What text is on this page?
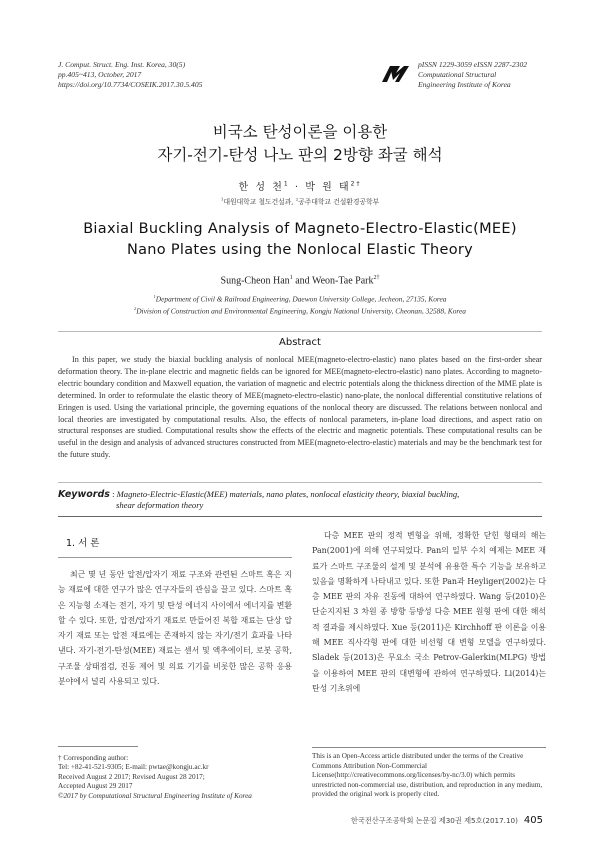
J. Comput. Struct. Eng. Inst. Korea, 30(5)
pp.405~413, October, 2017
https://doi.org/10.7734/COSEIK.2017.30.5.405
pISSN 1229-3059 eISSN 2287-2302
Computational Structural
Engineering Institute of Korea
비국소 탄성이론을 이용한
자기-전기-탄성 나노 판의 2방향 좌굴 해석
한 성 천$^1$ · 박 원 태$^{2\dagger}$
$^1$대원대학교 철도건설과, $^2$공주대학교 건설환경공학부
Biaxial Buckling Analysis of Magneto-Electro-Elastic(MEE)
Nano Plates using the Nonlocal Elastic Theory
Sung-Cheon Han$^1$ and Weon-Tae Park$^{2\dagger}$
$^1$Department of Civil & Railroad Engineering, Daewon University College, Jecheon, 27135, Korea
$^2$Division of Construction and Environmental Engineering, Kongju National University, Cheonan, 32588, Korea
Abstract
In this paper, we study the biaxial buckling analysis of nonlocal MEE(magneto-electro-elastic) nano plates based on the first-order shear deformation theory. The in-plane electric and magnetic fields can be ignored for MEE(magneto-electro-elastic) nano plates. According to magneto-electric boundary condition and Maxwell equation, the variation of magnetic and electric potentials along the thickness direction of the MME plate is determined. In order to reformulate the elastic theory of MEE(magneto-electro-elastic) nano-plate, the nonlocal differential constitutive relations of Eringen is used. Using the variational principle, the governing equations of the nonlocal theory are discussed. The relations between nonlocal and local theories are investigated by computational results. Also, the effects of nonlocal parameters, in-plane load directions, and aspect ratio on structural responses are studied. Computational results show the effects of the electric and magnetic potentials. These computational results can be useful in the design and analysis of advanced structures constructed from MEE(magneto-electro-elastic) materials and may be the benchmark test for the future study.
Keywords : Magneto-Electric-Elastic(MEE) materials, nano plates, nonlocal elasticity theory, biaxial buckling,
shear deformation theory
1. 서 론
최근 몇 년 동안 압전/압자기 재료 구조와 관련된 스마트 혹은 지능 재료에 대한 연구가 많은 연구자들의 관심을 끌고 있다. 스마트 혹은 지능형 소재는 전기, 자기 및 탄성 에너지 사이에서 에너지를 변환할 수 있다. 또한, 압전/압자기 재료로 만들어진 복합 재료는 단상 압자기 재료 또는 압전 재료에는 존재하지 않는 자기/전기 효과를 나타낸다. 자기-전기-탄성(MEE) 재료는 센서 및 액추에이터, 로봇 공학, 구조물 상태점검, 진동 제어 및 의료 기기를 비롯한 많은 공학 응용 분야에서 널리 사용되고 있다.
다층 MEE 판의 정적 변형을 위해, 정확한 닫힌 형태의 해는 Pan(2001)에 의해 연구되었다. Pan의 일부 수치 예제는 MEE 재료가 스마트 구조물의 설계 및 분석에 유용한 특수 기능을 보유하고 있음을 명확하게 나타내고 있다. 또한 Pan과 Heyliger(2002)는 다층 MEE 판의 자유 진동에 대하여 연구하였다. Wang 등(2010)은 단순지지된 3 차원 종 방향 등방성 다층 MEE 원형 판에 대한 해석적 결과를 제시하였다. Xue 등(2011)은 Kirchhoff 판 이론을 이용해 MEE 직사각형 판에 대한 비선형 대 변형 모델을 연구하였다. Sladek 등(2013)은 무요소 국소 Petrov-Galerkin(MLPG) 방법을 이용하여 MEE 판의 대변형에 관하여 연구하였다. Li(2014)는 탄성 기초위에
† Corresponding author:
Tel: +82-41-521-9305; E-mail: pwtae@kongju.ac.kr
Received August 2 2017; Revised August 28 2017;
Accepted August 29 2017
©2017 by Computational Structural Engineering Institute of Korea
This is an Open-Access article distributed under the terms of the Creative Commons Attribution Non-Commercial License(http://creativecommons.org/licenses/by-nc/3.0) which permits unrestricted non-commercial use, distribution, and reproduction in any medium, provided the original work is properly cited.
한국전산구조공학회 논문집 제30권 제5호(2017.10) 405
